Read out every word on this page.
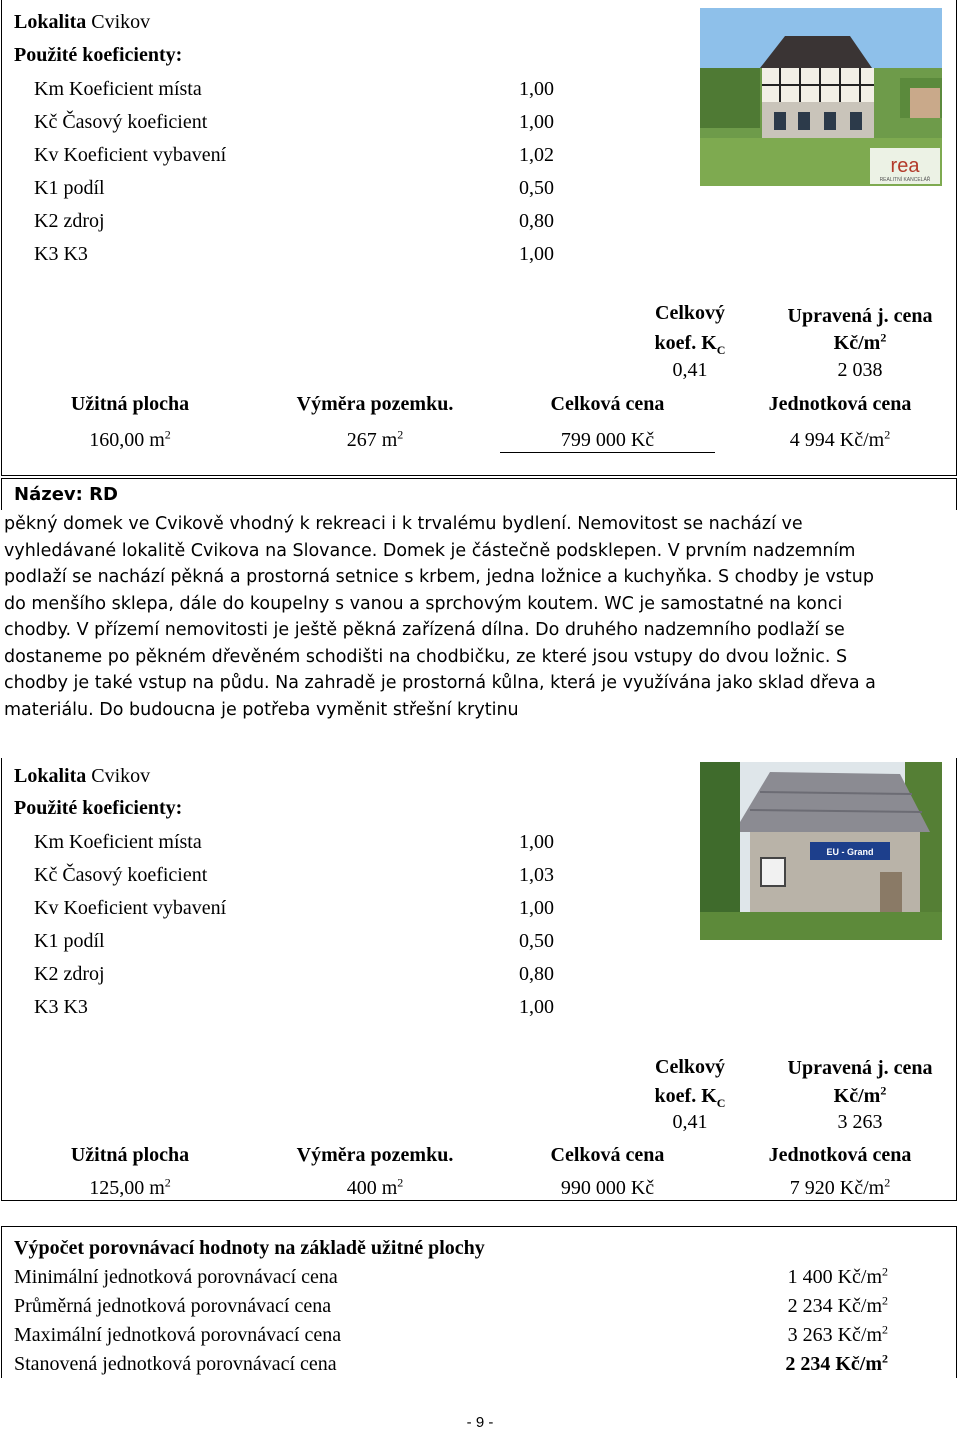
Lokalita Cvikov
Použité koeficienty:
Km Koeficient místa	1,00
Kč Časový koeficient	1,00
Kv Koeficient vybavení	1,02
K1 podíl	0,50
K2 zdroj	0,80
K3 K3	1,00
rea
REALITNÍ KANCELÁŘ
Celkový
koef. $K_C$
0,41
Upravená j. cena
$Kč/m^2$
2 038
Užitná plocha	Výměra pozemku.	Celková cena	Jednotková cena
160,00 $m^2$	267 $m^2$	799 000 Kč	4 994 $Kč/m^2$
Název: RD
pěkný domek ve Cvikově vhodný k rekreaci i k trvalému bydlení. Nemovitost se nachází ve
vyhledávané lokalitě Cvikova na Slovance. Domek je částečně podsklepen. V prvním nadzemním
podlaží se nachází pěkná a prostorná setnice s krbem, jedna ložnice a kuchyňka. S chodby je vstup
do menšího sklepa, dále do koupelny s vanou a sprchovým koutem. WC je samostatné na konci
chodby. V přízemí nemovitosti je ještě pěkná zařízená dílna. Do druhého nadzemního podlaží se
dostaneme po pěkném dřevěném schodišti na chodbičku, ze které jsou vstupy do dvou ložnic. S
chodby je také vstup na půdu. Na zahradě je prostorná kůlna, která je využívána jako sklad dřeva a
materiálu. Do budoucna je potřeba vyměnit střešní krytinu
Lokalita Cvikov
Použité koeficienty:
Km Koeficient místa	1,00
Kč Časový koeficient	1,03
Kv Koeficient vybavení	1,00
K1 podíl	0,50
K2 zdroj	0,80
K3 K3	1,00
EU - Grand
Celkový
koef. $K_C$
0,41
Upravená j. cena
$Kč/m^2$
3 263
Užitná plocha	Výměra pozemku.	Celková cena	Jednotková cena
125,00 $m^2$	400 $m^2$	990 000 Kč	7 920 $Kč/m^2$
Výpočet porovnávací hodnoty na základě užitné plochy
Minimální jednotková porovnávací cena	1 400 $Kč/m^2$
Průměrná jednotková porovnávací cena	2 234 $Kč/m^2$
Maximální jednotková porovnávací cena	3 263 $Kč/m^2$
Stanovená jednotková porovnávací cena	2 234 $Kč/m^2$
- 9 -
